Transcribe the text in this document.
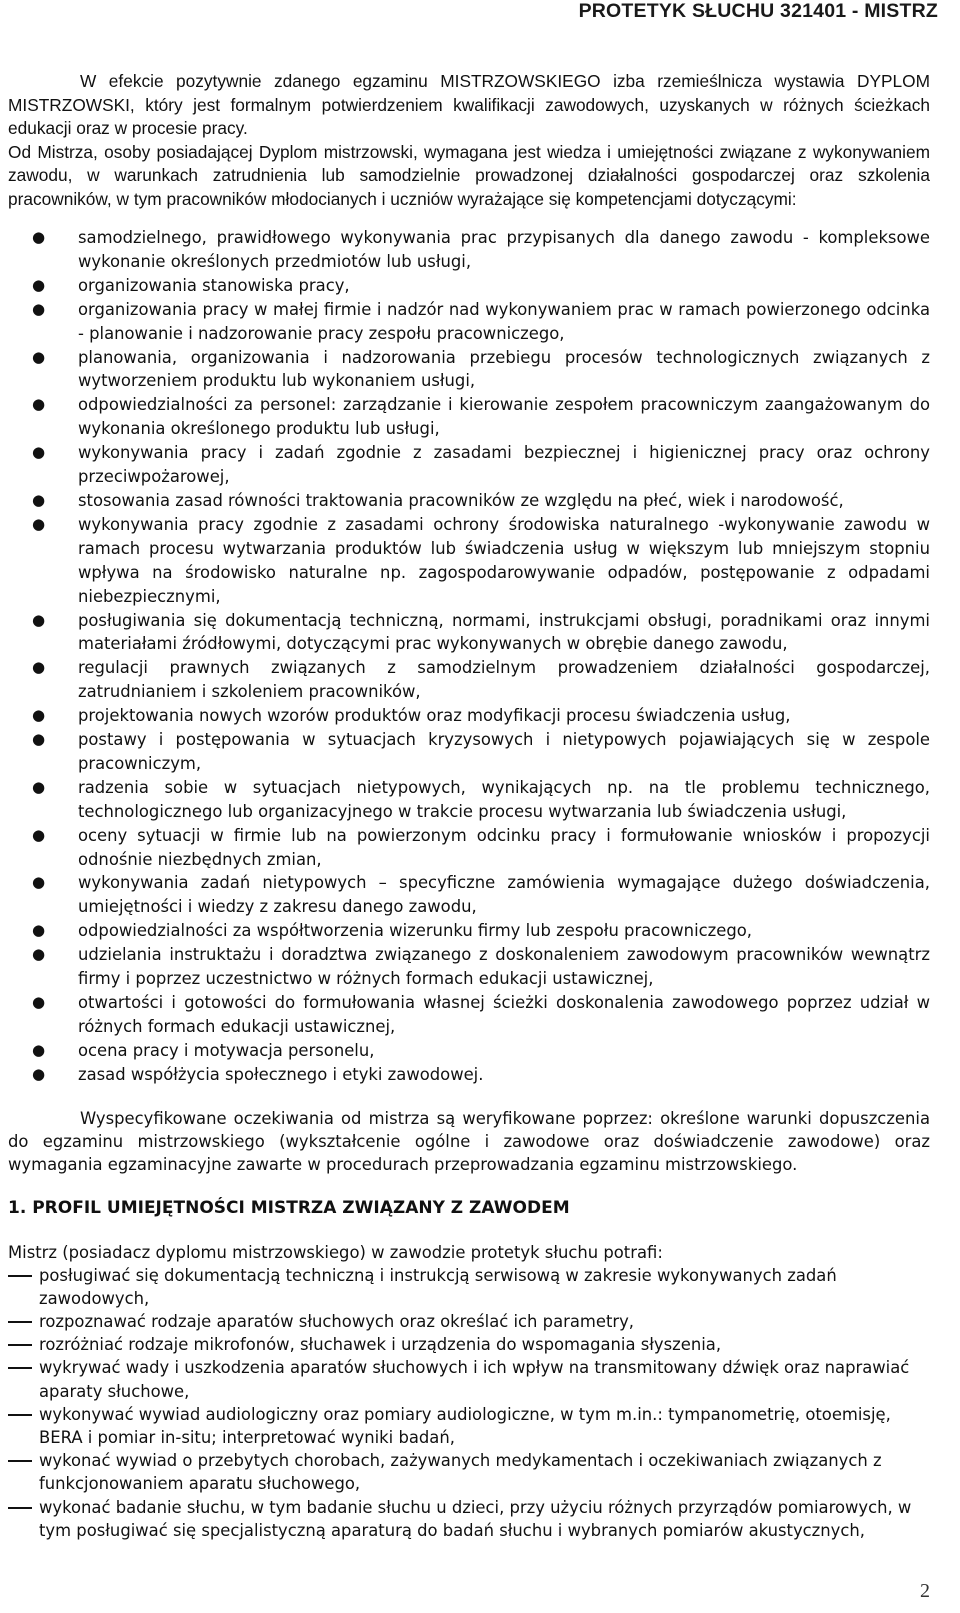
PROTETYK SŁUCHU 321401 - MISTRZ

W efekcie pozytywnie zdanego egzaminu MISTRZOWSKIEGO izba rzemieślnicza wystawia DYPLOM MISTRZOWSKI, który jest formalnym potwierdzeniem kwalifikacji zawodowych, uzyskanych w różnych ścieżkach edukacji oraz w procesie pracy.

Od Mistrza, osoby posiadającej Dyplom mistrzowski, wymagana jest wiedza i umiejętności związane z wykonywaniem zawodu, w warunkach zatrudnienia lub samodzielnie prowadzonej działalności gospodarczej oraz szkolenia pracowników, w tym pracowników młodocianych i uczniów wyrażające się kompetencjami dotyczącymi:

● samodzielnego, prawidłowego wykonywania prac przypisanych dla danego zawodu - kompleksowe wykonanie określonych przedmiotów lub usługi,
● organizowania stanowiska pracy,
● organizowania pracy w małej firmie i nadzór nad wykonywaniem prac w ramach powierzonego odcinka - planowanie i nadzorowanie pracy zespołu pracowniczego,
● planowania, organizowania i nadzorowania przebiegu procesów technologicznych związanych z wytworzeniem produktu lub wykonaniem usługi,
● odpowiedzialności za personel: zarządzanie i kierowanie zespołem pracowniczym zaangażowanym do wykonania określonego produktu lub usługi,
● wykonywania pracy i zadań zgodnie z zasadami bezpiecznej i higienicznej pracy oraz ochrony przeciwpożarowej,
● stosowania zasad równości traktowania pracowników ze względu na płeć, wiek i narodowość,
● wykonywania pracy zgodnie z zasadami ochrony środowiska naturalnego -wykonywanie zawodu w ramach procesu wytwarzania produktów lub świadczenia usług w większym lub mniejszym stopniu wpływa na środowisko naturalne np. zagospodarowywanie odpadów, postępowanie z odpadami niebezpiecznymi,
● posługiwania się dokumentacją techniczną, normami, instrukcjami obsługi, poradnikami oraz innymi materiałami źródłowymi, dotyczącymi prac wykonywanych w obrębie danego zawodu,
● regulacji prawnych związanych z samodzielnym prowadzeniem działalności gospodarczej, zatrudnianiem i szkoleniem pracowników,
● projektowania nowych wzorów produktów oraz modyfikacji procesu świadczenia usług,
● postawy i postępowania w sytuacjach kryzysowych i nietypowych pojawiających się w zespole pracowniczym,
● radzenia sobie w sytuacjach nietypowych, wynikających np. na tle problemu technicznego, technologicznego lub organizacyjnego w trakcie procesu wytwarzania lub świadczenia usługi,
● oceny sytuacji w firmie lub na powierzonym odcinku pracy i formułowanie wniosków i propozycji odnośnie niezbędnych zmian,
● wykonywania zadań nietypowych – specyficzne zamówienia wymagające dużego doświadczenia, umiejętności i wiedzy z zakresu danego zawodu,
● odpowiedzialności za współtworzenia wizerunku firmy lub zespołu pracowniczego,
● udzielania instruktażu i doradztwa związanego z doskonaleniem zawodowym pracowników wewnątrz firmy i poprzez uczestnictwo w różnych formach edukacji ustawicznej,
● otwartości i gotowości do formułowania własnej ścieżki doskonalenia zawodowego poprzez udział w różnych formach edukacji ustawicznej,
● ocena pracy i motywacja personelu,
● zasad współżycia społecznego i etyki zawodowej.

Wyspecyfikowane oczekiwania od mistrza są weryfikowane poprzez: określone warunki dopuszczenia do egzaminu mistrzowskiego (wykształcenie ogólne i zawodowe oraz doświadczenie zawodowe) oraz wymagania egzaminacyjne zawarte w procedurach przeprowadzania egzaminu mistrzowskiego.

1. PROFIL UMIEJĘTNOŚCI MISTRZA ZWIĄZANY Z ZAWODEM

Mistrz (posiadacz dyplomu mistrzowskiego) w zawodzie protetyk słuchu potrafi:

posługiwać się dokumentacją techniczną i instrukcją serwisową w zakresie wykonywanych zadań zawodowych,
rozpoznawać rodzaje aparatów słuchowych oraz określać ich parametry,
rozróżniać rodzaje mikrofonów, słuchawek i urządzenia do wspomagania słyszenia,
wykrywać wady i uszkodzenia aparatów słuchowych i ich wpływ na transmitowany dźwięk oraz naprawiać aparaty słuchowe,
wykonywać wywiad audiologiczny oraz pomiary audiologiczne, w tym m.in.: tympanometrię, otoemisję, BERA i pomiar in-situ; interpretować wyniki badań,
wykonać wywiad o przebytych chorobach, zażywanych medykamentach i oczekiwaniach związanych z funkcjonowaniem aparatu słuchowego,
wykonać badanie słuchu, w tym badanie słuchu u dzieci, przy użyciu różnych przyrządów pomiarowych, w tym posługiwać się specjalistyczną aparaturą do badań słuchu i wybranych pomiarów akustycznych,
2
